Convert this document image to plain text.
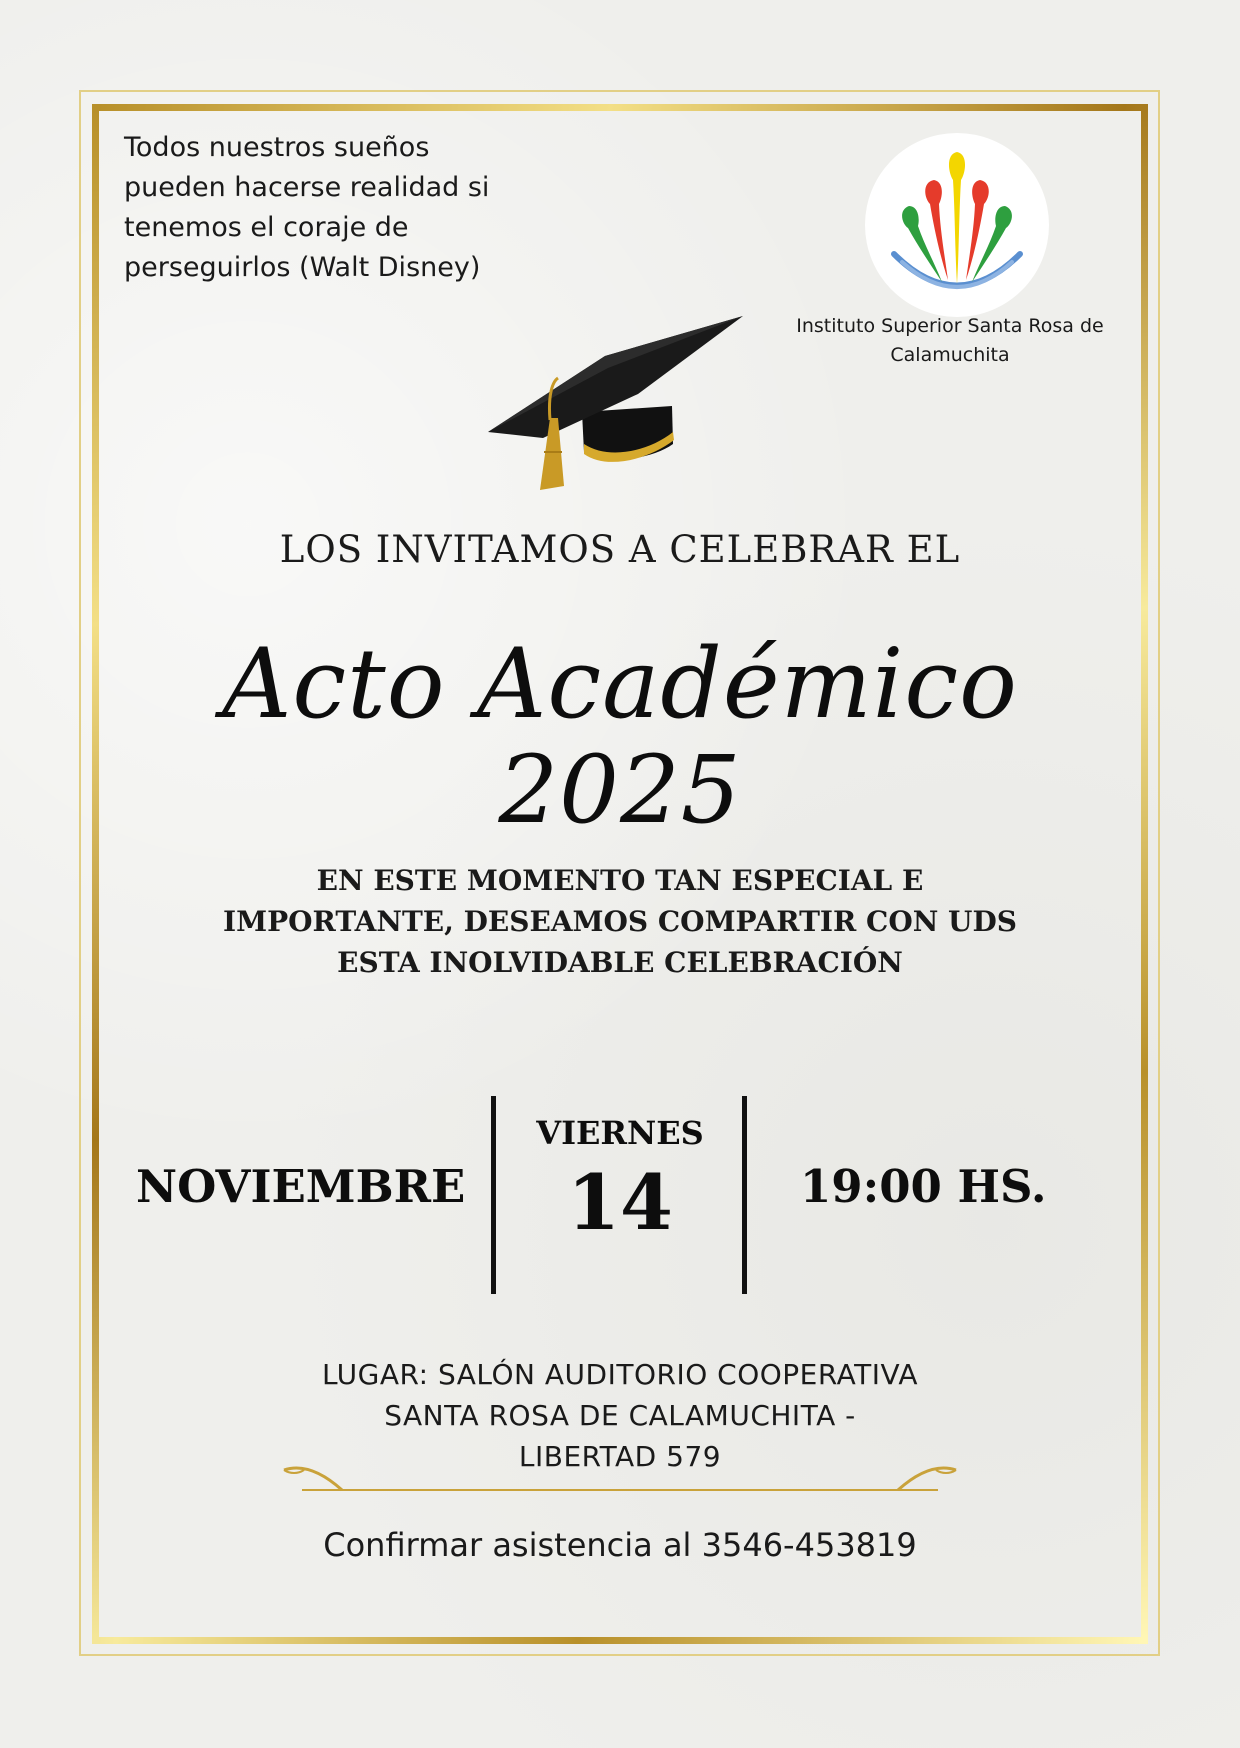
Todos nuestros sueños
pueden hacerse realidad si
tenemos el coraje de
perseguirlos (Walt Disney)
Instituto Superior Santa Rosa de
Calamuchita
LOS INVITAMOS A CELEBRAR EL
Acto Académico
2025
EN ESTE MOMENTO TAN ESPECIAL E
IMPORTANTE, DESEAMOS COMPARTIR CON UDS
ESTA INOLVIDABLE CELEBRACIÓN
NOVIEMBRE
VIERNES
14	19:00 HS.
LUGAR: SALÓN AUDITORIO COOPERATIVA
SANTA ROSA DE CALAMUCHITA -
LIBERTAD 579
Confirmar asistencia al 3546-453819
